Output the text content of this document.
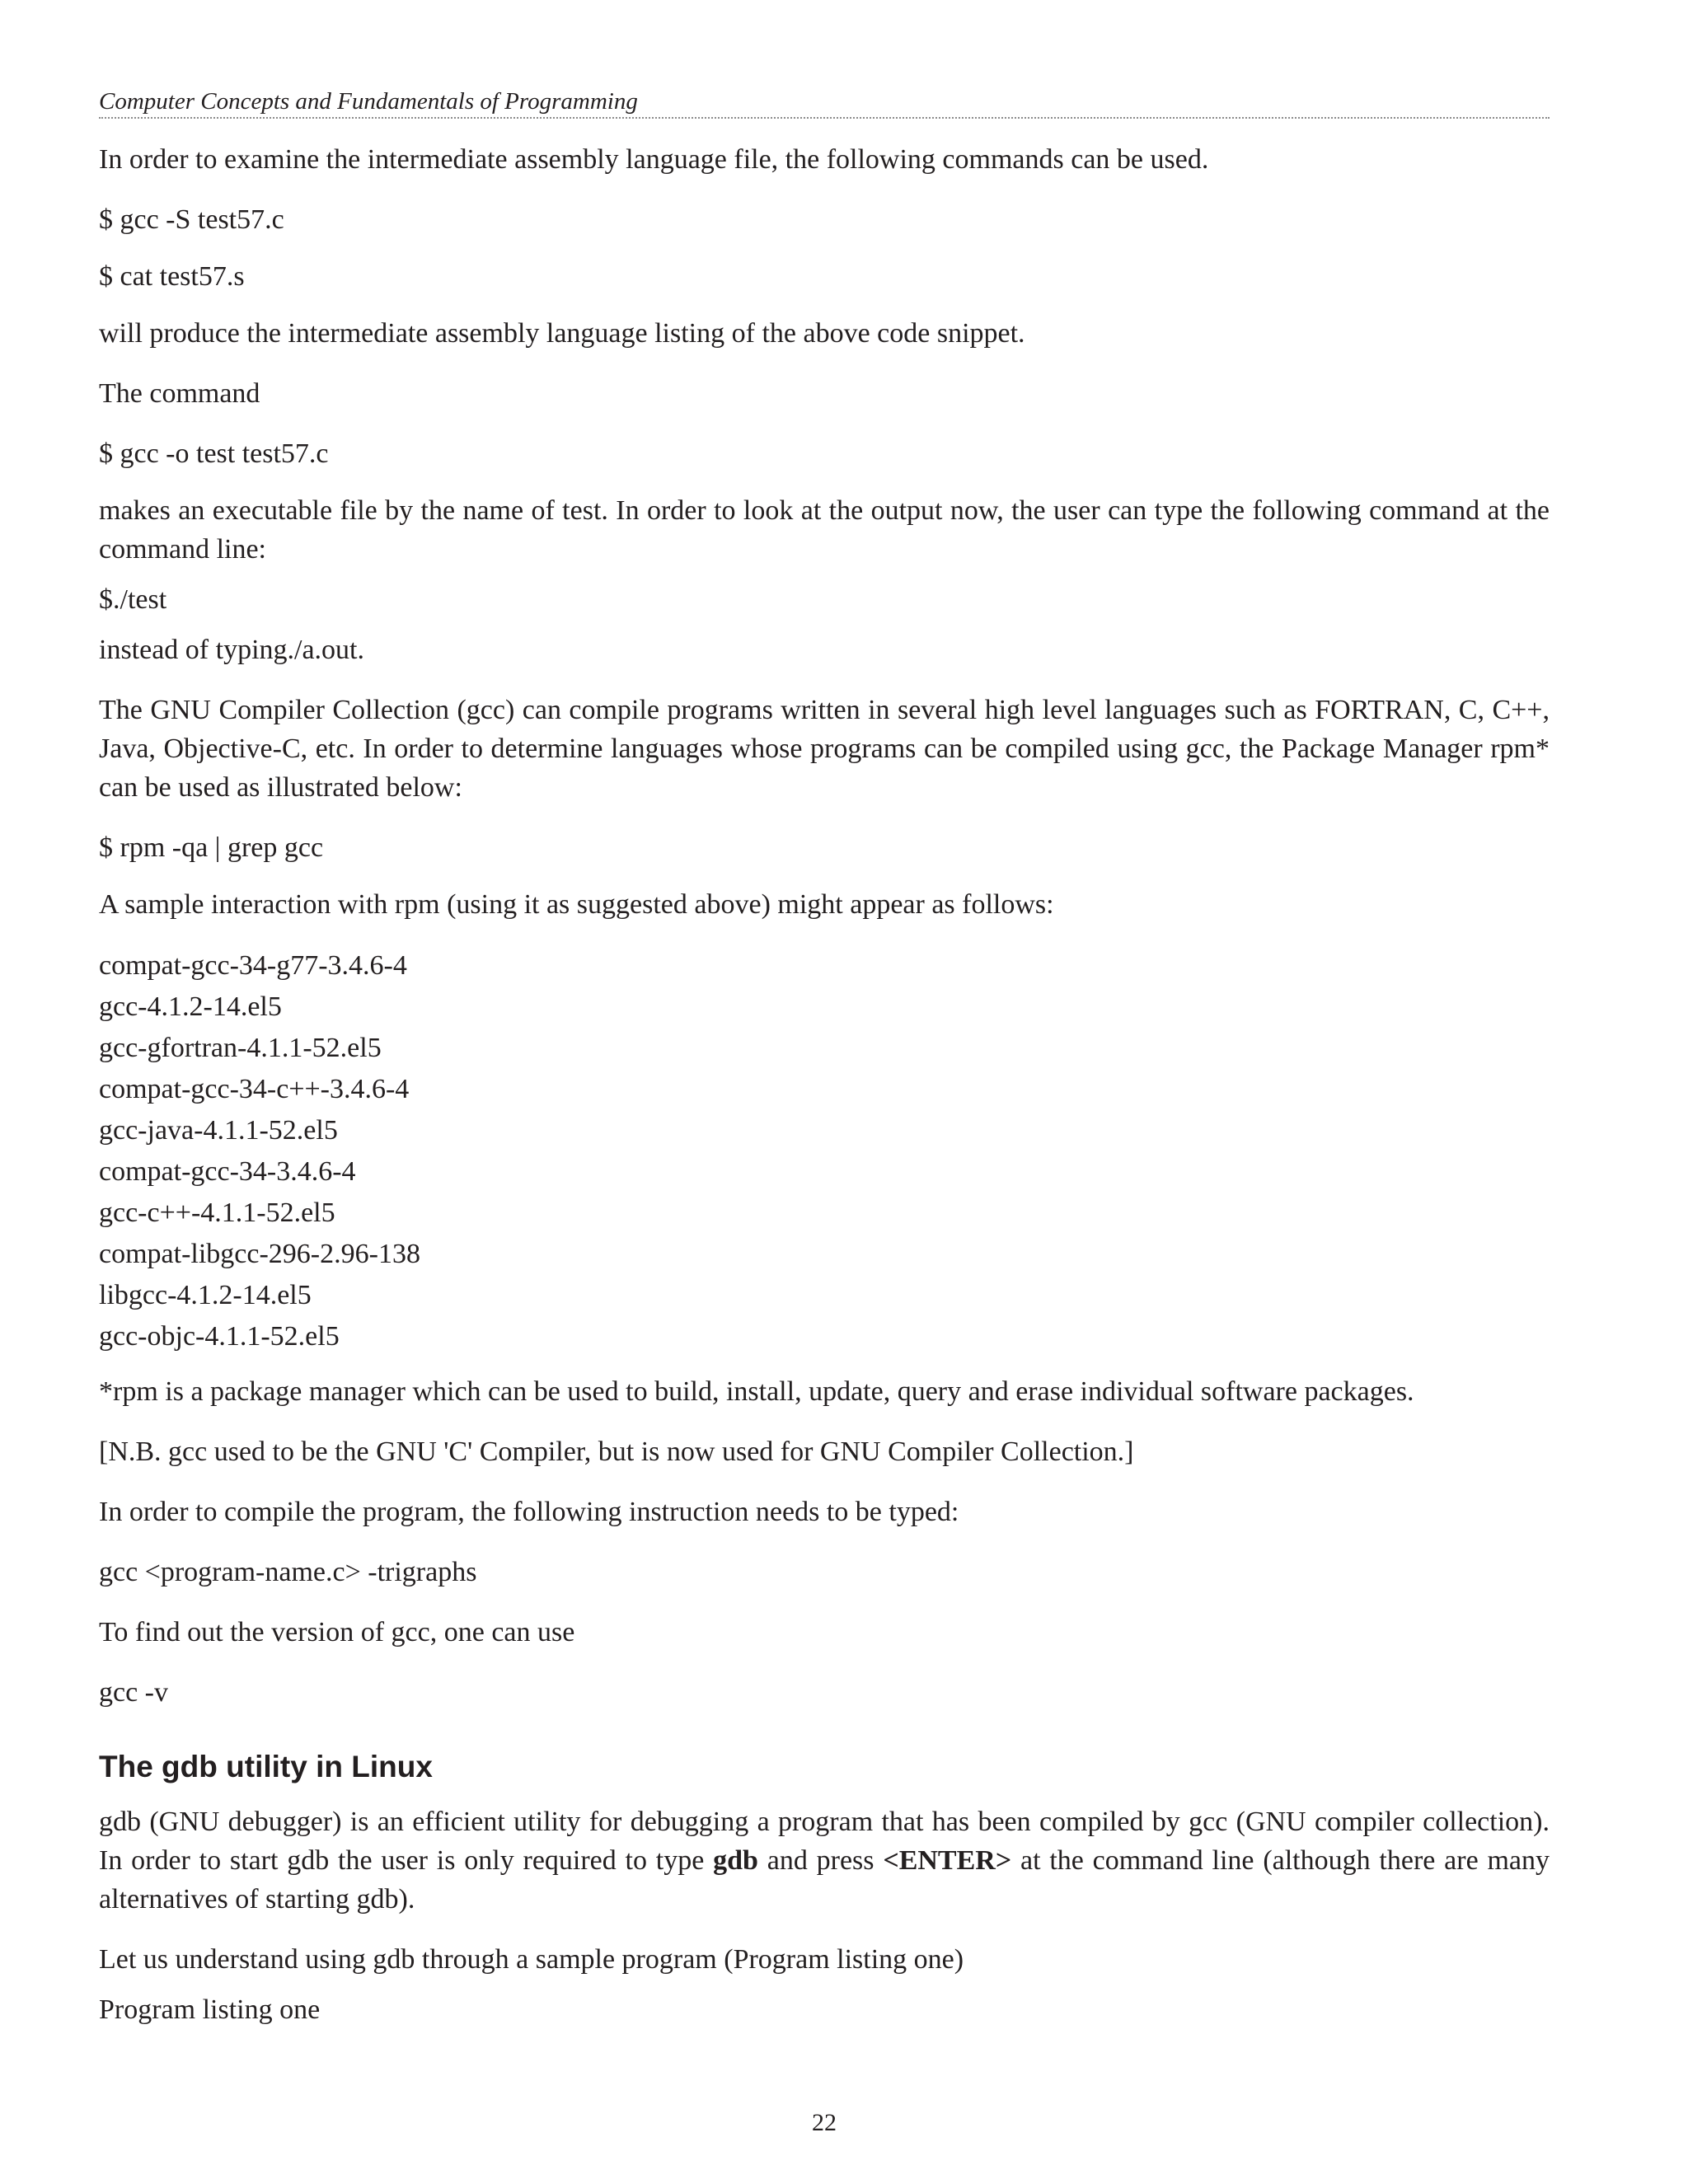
Computer Concepts and Fundamentals of Programming

In order to examine the intermediate assembly language file, the following commands can be used.

$ gcc -S test57.c

$ cat test57.s

will produce the intermediate assembly language listing of the above code snippet.

The command

$ gcc -o test test57.c

makes an executable file by the name of test. In order to look at the output now, the user can type the following command at the command line:

$./test

instead of typing./a.out.

The GNU Compiler Collection (gcc) can compile programs written in several high level languages such as FORTRAN, C, C++, Java, Objective-C, etc. In order to determine languages whose programs can be compiled using gcc, the Package Manager rpm* can be used as illustrated below:

$ rpm -qa | grep gcc

A sample interaction with rpm (using it as suggested above) might appear as follows:

compat-gcc-34-g77-3.4.6-4
gcc-4.1.2-14.el5
gcc-gfortran-4.1.1-52.el5
compat-gcc-34-c++-3.4.6-4
gcc-java-4.1.1-52.el5
compat-gcc-34-3.4.6-4
gcc-c++-4.1.1-52.el5
compat-libgcc-296-2.96-138
libgcc-4.1.2-14.el5
gcc-objc-4.1.1-52.el5

*rpm is a package manager which can be used to build, install, update, query and erase individual software packages.

[N.B. gcc used to be the GNU 'C' Compiler, but is now used for GNU Compiler Collection.]

In order to compile the program, the following instruction needs to be typed:

gcc <program-name.c> -trigraphs

To find out the version of gcc, one can use

gcc -v

The gdb utility in Linux

gdb (GNU debugger) is an efficient utility for debugging a program that has been compiled by gcc (GNU compiler collection). In order to start gdb the user is only required to type gdb and press <ENTER> at the command line (although there are many alternatives of starting gdb).

Let us understand using gdb through a sample program (Program listing one)

Program listing one

22
